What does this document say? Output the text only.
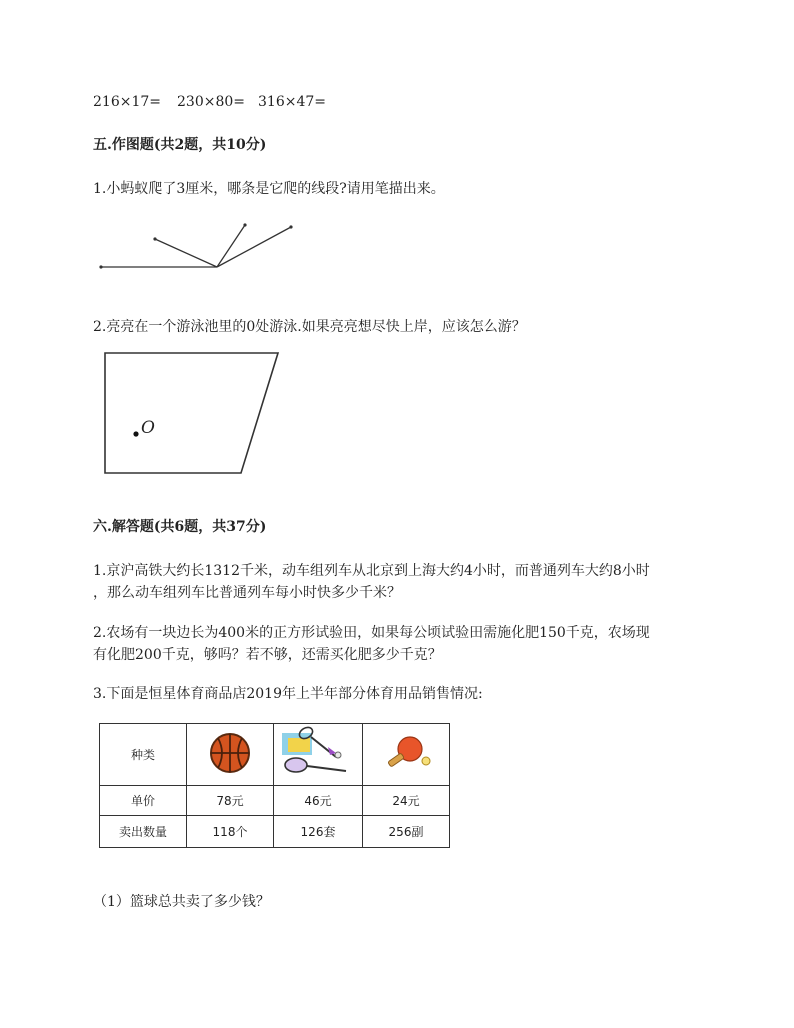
216×17= 230×80= 316×47=
五.作图题(共2题，共10分)
1.小蚂蚁爬了3厘米，哪条是它爬的线段?请用笔描出来。
2.亮亮在一个游泳池里的0处游泳.如果亮亮想尽快上岸，应该怎么游？
O
六.解答题(共6题，共37分)
1.京沪高铁大约长1312千米，动车组列车从北京到上海大约4小时，而普通列车大约8小时
，那么动车组列车比普通列车每小时快多少千米？
2.农场有一块边长为400米的正方形试验田，如果每公顷试验田需施化肥150千克，农场现
有化肥200千克，够吗？若不够，还需买化肥多少千克？
3.下面是恒星体育商品店2019年上半年部分体育用品销售情况:
种类			
单价	78元	46元	24元
卖出数量	118个	126套	256副
（1）篮球总共卖了多少钱？
